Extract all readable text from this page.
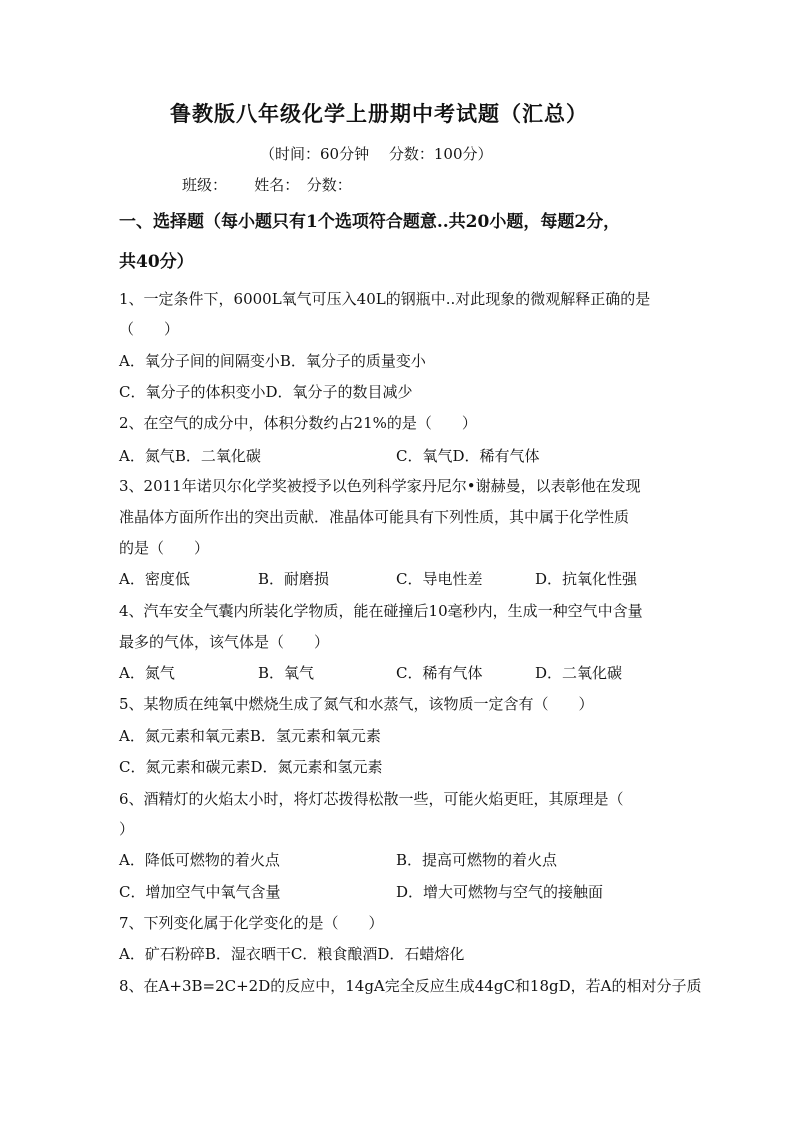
鲁教版八年级化学上册期中考试题（汇总）
（时间：60分钟　 分数：100分）
班级：　　 姓名：　分数：
一、选择题（每小题只有1个选项符合题意..共20小题，每题2分，
共40分）
1、一定条件下，6000L氧气可压入40L的钢瓶中..对此现象的微观解释正确的是
（　　）
A．氧分子间的间隔变小B．氧分子的质量变小
C．氧分子的体积变小D．氧分子的数目减少
2、在空气的成分中，体积分数约占21%的是（　　）
A．氮气B．二氧化碳	C．氧气D．稀有气体
3、2011年诺贝尔化学奖被授予以色列科学家丹尼尔•谢赫曼，以表彰他在发现
准晶体方面所作出的突出贡献．准晶体可能具有下列性质，其中属于化学性质
的是（　　）
A．密度低	B．耐磨损	C．导电性差	D．抗氧化性强
4、汽车安全气囊内所装化学物质，能在碰撞后10毫秒内，生成一种空气中含量
最多的气体，该气体是（　　）
A．氮气	B．氧气	C．稀有气体	D．二氧化碳
5、某物质在纯氧中燃烧生成了氮气和水蒸气，该物质一定含有（　　）
A．氮元素和氧元素B．氢元素和氧元素
C．氮元素和碳元素D．氮元素和氢元素
6、酒精灯的火焰太小时，将灯芯拨得松散一些，可能火焰更旺，其原理是（
）
A．降低可燃物的着火点	B．提高可燃物的着火点
C．增加空气中氧气含量	D．增大可燃物与空气的接触面
7、下列变化属于化学变化的是（　　）
A．矿石粉碎B．湿衣晒干C．粮食酿酒D．石蜡熔化
8、在A+3B=2C+2D的反应中，14gA完全反应生成44gC和18gD，若A的相对分子质
